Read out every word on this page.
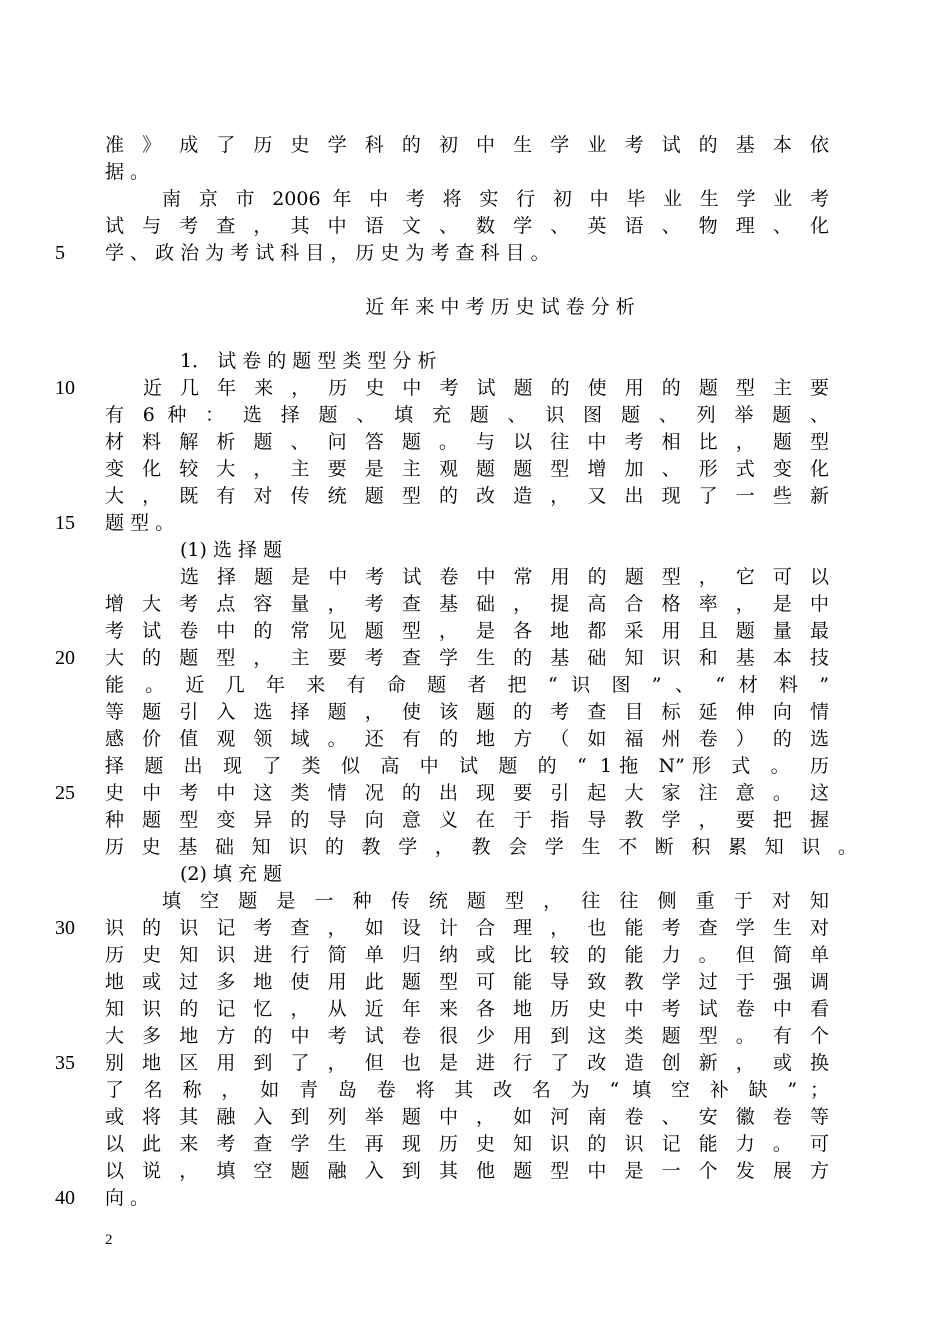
准 》 成 了 历 史 学 科 的 初 中 生 学 业 考 试 的 基 本 依
据 。
南 京 市 2006 年 中 考 将 实 行 初 中 毕 业 生 学 业 考
试 与 考 查 ， 其 中 语 文 、 数 学 、 英 语 、 物 理 、 化
学 、 政 治 为 考 试 科 目 ， 历 史 为 考 查 科 目 。
近 年 来 中 考 历 史 试 卷 分 析
1． 试 卷 的 题 型 类 型 分 析
近 几 年 来 ， 历 史 中 考 试 题 的 使 用 的 题 型 主 要
有 6 种 ： 选 择 题 、 填 充 题 、 识 图 题 、 列 举 题 、
材 料 解 析 题 、 问 答 题 。 与 以 往 中 考 相 比 ， 题 型
变 化 较 大 ， 主 要 是 主 观 题 题 型 增 加 、 形 式 变 化
大 ， 既 有 对 传 统 题 型 的 改 造 ， 又 出 现 了 一 些 新
题 型 。
(1) 选 择 题
选 择 题 是 中 考 试 卷 中 常 用 的 题 型 ， 它 可 以
增 大 考 点 容 量 ， 考 查 基 础 ， 提 高 合 格 率 ， 是 中
考 试 卷 中 的 常 见 题 型 ， 是 各 地 都 采 用 且 题 量 最
大 的 题 型 ， 主 要 考 查 学 生 的 基 础 知 识 和 基 本 技
能 。 近 几 年 来 有 命 题 者 把 “ 识 图 ” 、 “ 材 料 ”
等 题 引 入 选 择 题 ， 使 该 题 的 考 查 目 标 延 伸 向 情
感 价 值 观 领 域 。 还 有 的 地 方 （ 如 福 州 卷 ） 的 选
择 题 出 现 了 类 似 高 中 试 题 的 “ 1拖 N”形 式 。 历
史 中 考 中 这 类 情 况 的 出 现 要 引 起 大 家 注 意 。 这
种 题 型 变 异 的 导 向 意 义 在 于 指 导 教 学 ， 要 把 握
历 史 基 础 知 识 的 教 学 ， 教 会 学 生 不 断 积 累 知 识 。
(2) 填 充 题
填 空 题 是 一 种 传 统 题 型 ， 往 往 侧 重 于 对 知
识 的 识 记 考 查 ， 如 设 计 合 理 ， 也 能 考 查 学 生 对
历 史 知 识 进 行 简 单 归 纳 或 比 较 的 能 力 。 但 简 单
地 或 过 多 地 使 用 此 题 型 可 能 导 致 教 学 过 于 强 调
知 识 的 记 忆 ， 从 近 年 来 各 地 历 史 中 考 试 卷 中 看
大 多 地 方 的 中 考 试 卷 很 少 用 到 这 类 题 型 。 有 个
别 地 区 用 到 了 ， 但 也 是 进 行 了 改 造 创 新 ， 或 换
了 名 称 ， 如 青 岛 卷 将 其 改 名 为 “ 填 空 补 缺 ” ；
或 将 其 融 入 到 列 举 题 中 ， 如 河 南 卷 、 安 徽 卷 等
以 此 来 考 查 学 生 再 现 历 史 知 识 的 识 记 能 力 。 可
以 说 ， 填 空 题 融 入 到 其 他 题 型 中 是 一 个 发 展 方
向 。
5
10
15
20
25
30
35
40
2
